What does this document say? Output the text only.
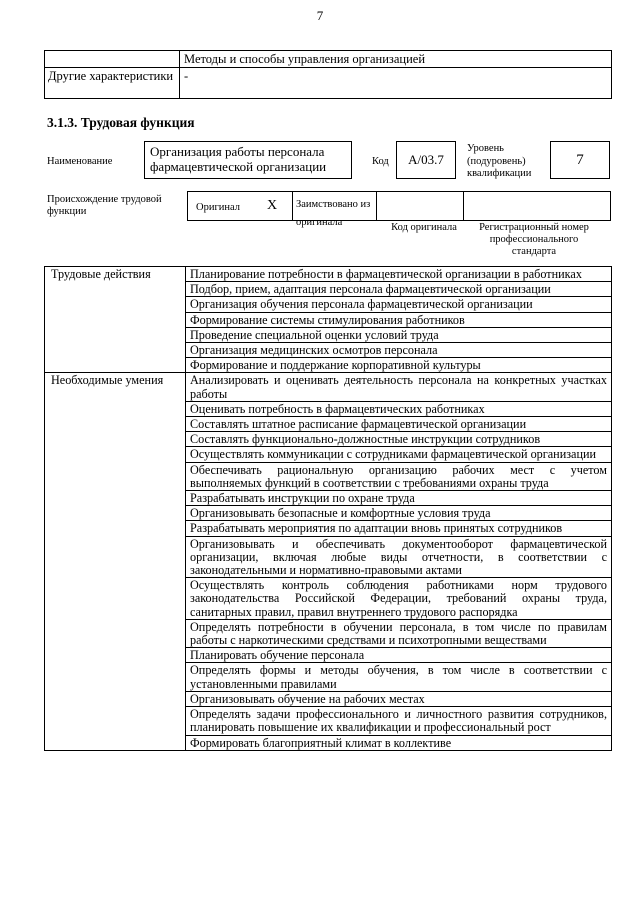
7
	Методы и способы управления организацией
Другие характеристики	-
3.1.3. Трудовая функция
Наименование
Организация работы персонала фармацевтической организации	Код	А/03.7
Уровень (подуровень) квалификации
7
Происхождение трудовой функции	Оригинал X	Заимствовано из оригинала	Код оригинала	Регистрационный номер профессионального стандарта
Трудовые действия	Планирование потребности в фармацевтической организации в работниках
	Подбор, прием, адаптация персонала фармацевтической организации
	Организация обучения персонала фармацевтической организации
	Формирование системы стимулирования работников
	Проведение специальной оценки условий труда
	Организация медицинских осмотров персонала
	Формирование и поддержание корпоративной культуры
Необходимые умения	Анализировать и оценивать деятельность персонала на конкретных участках работы
	Оценивать потребность в фармацевтических работниках
	Составлять штатное расписание фармацевтической организации
	Составлять функционально-должностные инструкции сотрудников
	Осуществлять коммуникации с сотрудниками фармацевтической организации
	Обеспечивать рациональную организацию рабочих мест с учетом выполняемых функций в соответствии с требованиями охраны труда
	Разрабатывать инструкции по охране труда
	Организовывать безопасные и комфортные условия труда
	Разрабатывать мероприятия по адаптации вновь принятых сотрудников
	Организовывать и обеспечивать документооборот фармацевтической организации, включая любые виды отчетности, в соответствии с законодательными и нормативно-правовыми актами
	Осуществлять контроль соблюдения работниками норм трудового законодательства Российской Федерации, требований охраны труда, санитарных правил, правил внутреннего трудового распорядка
	Определять потребности в обучении персонала, в том числе по правилам работы с наркотическими средствами и психотропными веществами
	Планировать обучение персонала
	Определять формы и методы обучения, в том числе в соответствии с установленными правилами
	Организовывать обучение на рабочих местах
	Определять задачи профессионального и личностного развития сотрудников, планировать повышение их квалификации и профессиональный рост
	Формировать благоприятный климат в коллективе
